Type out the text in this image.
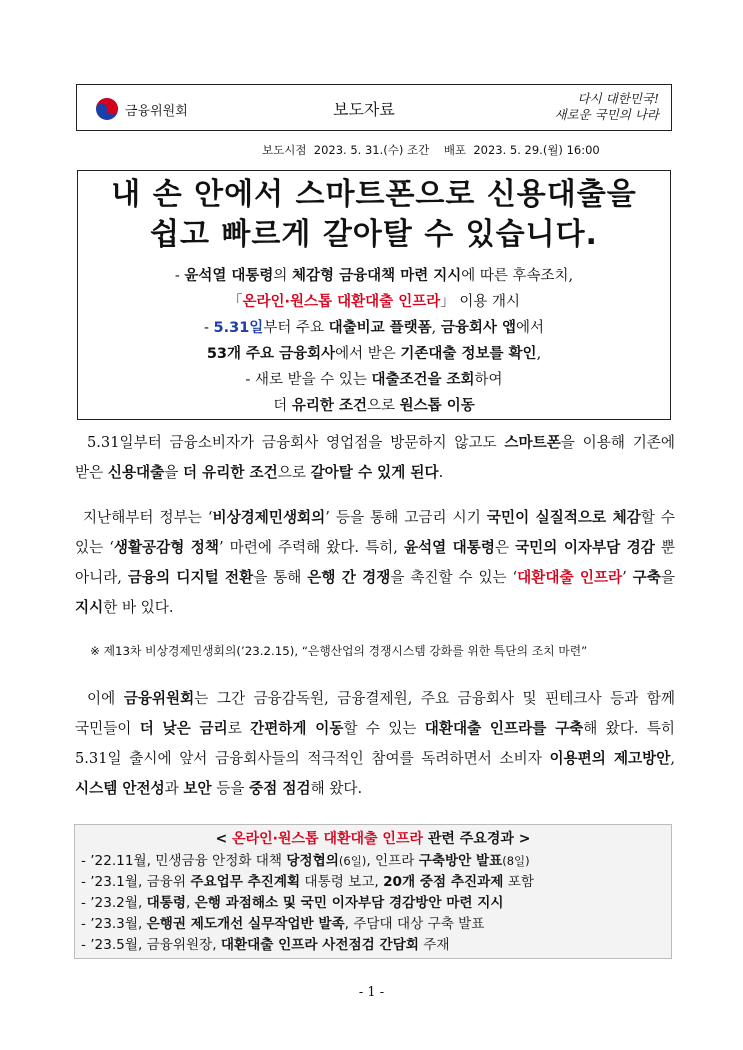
금융위원회	보도자료
다시 대한민국!
새로운 국민의 나라
보도시점  2023. 5. 31.(수) 조간    배포  2023. 5. 29.(월) 16:00
내 손 안에서 스마트폰으로 신용대출을
쉽고 빠르게 갈아탈 수 있습니다.
- 윤석열 대통령의 체감형 금융대책 마련 지시에 따른 후속조치,
「온라인·원스톱 대환대출 인프라」 이용 개시
- 5.31일부터 주요 대출비교 플랫폼, 금융회사 앱에서
53개 주요 금융회사에서 받은 기존대출 정보를 확인,
- 새로 받을 수 있는 대출조건을 조회하여
더 유리한 조건으로 원스톱 이동
5.31일부터 금융소비자가 금융회사 영업점을 방문하지 않고도 스마트폰을 이용해 기존에 받은 신용대출을 더 유리한 조건으로 갈아탈 수 있게 된다.
지난해부터 정부는 ‘비상경제민생회의’ 등을 통해 고금리 시기 국민이 실질적으로 체감할 수 있는 ‘생활공감형 정책’ 마련에 주력해 왔다. 특히, 윤석열 대통령은 국민의 이자부담 경감 뿐 아니라, 금융의 디지털 전환을 통해 은행 간 경쟁을 촉진할 수 있는 ‘대환대출 인프라’ 구축을 지시한 바 있다.
※ 제13차 비상경제민생회의(’23.2.15), “은행산업의 경쟁시스템 강화를 위한 특단의 조치 마련”
이에 금융위원회는 그간 금융감독원, 금융결제원, 주요 금융회사 및 핀테크사 등과 함께 국민들이 더 낮은 금리로 간편하게 이동할 수 있는 대환대출 인프라를 구축해 왔다. 특히 5.31일 출시에 앞서 금융회사들의 적극적인 참여를 독려하면서 소비자 이용편의 제고방안, 시스템 안전성과 보안 등을 중점 점검해 왔다.
< 온라인·원스톱 대환대출 인프라 관련 주요경과 >
- ’22.11월, 민생금융 안정화 대책 당정협의(6일), 인프라 구축방안 발표(8일)
- ’23.1월, 금융위 주요업무 추진계획 대통령 보고, 20개 중점 추진과제 포함
- ’23.2월, 대통령, 은행 과점해소 및 국민 이자부담 경감방안 마련 지시
- ’23.3월, 은행권 제도개선 실무작업반 발족, 주담대 대상 구축 발표
- ’23.5월, 금융위원장, 대환대출 인프라 사전점검 간담회 주재
- 1 -
